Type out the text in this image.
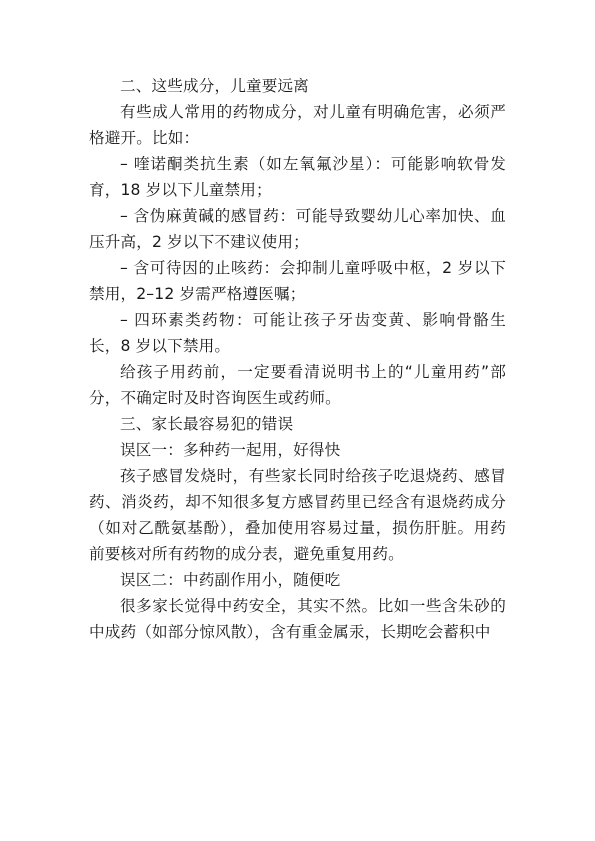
二、这些成分，儿童要远离

有些成人常用的药物成分，对儿童有明确危害，必须严格避开。比如：

– 喹诺酮类抗生素（如左氧氟沙星）：可能影响软骨发育，18 岁以下儿童禁用；

– 含伪麻黄碱的感冒药：可能导致婴幼儿心率加快、血压升高，2 岁以下不建议使用；

– 含可待因的止咳药：会抑制儿童呼吸中枢，2 岁以下禁用，2–12 岁需严格遵医嘱；

– 四环素类药物：可能让孩子牙齿变黄、影响骨骼生长，8 岁以下禁用。

给孩子用药前，一定要看清说明书上的“儿童用药”部分，不确定时及时咨询医生或药师。

三、家长最容易犯的错误

误区一：多种药一起用，好得快

孩子感冒发烧时，有些家长同时给孩子吃退烧药、感冒药、消炎药，却不知很多复方感冒药里已经含有退烧药成分（如对乙酰氨基酚），叠加使用容易过量，损伤肝脏。用药前要核对所有药物的成分表，避免重复用药。

误区二：中药副作用小，随便吃

很多家长觉得中药安全，其实不然。比如一些含朱砂的中成药（如部分惊风散），含有重金属汞，长期吃会蓄积中
